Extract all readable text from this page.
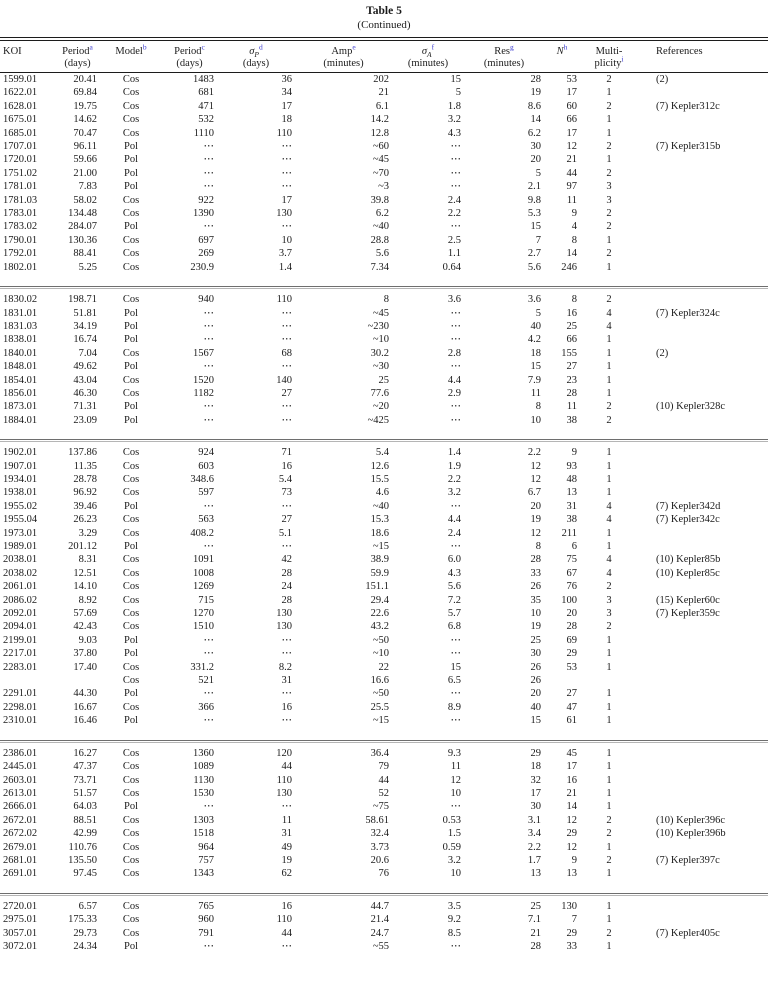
Table 5
(Continued)
KOI	Period$^a$
(days)	Model$^b$	Period$^c$
(days)	$\sigma_P^d$
(days)	Amp$^e$
(minutes)	$\sigma_A^f$
(minutes)	Res$^g$
(minutes)	N$^h$	Multi-
plicity$^i$	References
1599.01	20.41	Cos	1483	36	202	15	28	53	2	(2)
1622.01	69.84	Cos	681	34	21	5	19	17	1	
1628.01	19.75	Cos	471	17	6.1	1.8	8.6	60	2	(7) Kepler312c
1675.01	14.62	Cos	532	18	14.2	3.2	14	66	1	
1685.01	70.47	Cos	1110	110	12.8	4.3	6.2	17	1	
1707.01	96.11	Pol	⋯	⋯	~60	⋯	30	12	2	(7) Kepler315b
1720.01	59.66	Pol	⋯	⋯	~45	⋯	20	21	1	
1751.02	21.00	Pol	⋯	⋯	~70	⋯	5	44	2	
1781.01	7.83	Pol	⋯	⋯	~3	⋯	2.1	97	3	
1781.03	58.02	Cos	922	17	39.8	2.4	9.8	11	3	
1783.01	134.48	Cos	1390	130	6.2	2.2	5.3	9	2	
1783.02	284.07	Pol	⋯	⋯	~40	⋯	15	4	2	
1790.01	130.36	Cos	697	10	28.8	2.5	7	8	1	
1792.01	88.41	Cos	269	3.7	5.6	1.1	2.7	14	2	
1802.01	5.25	Cos	230.9	1.4	7.34	0.64	5.6	246	1	

1830.02	198.71	Cos	940	110	8	3.6	3.6	8	2	
1831.01	51.81	Pol	⋯	⋯	~45	⋯	5	16	4	(7) Kepler324c
1831.03	34.19	Pol	⋯	⋯	~230	⋯	40	25	4	
1838.01	16.74	Pol	⋯	⋯	~10	⋯	4.2	66	1	
1840.01	7.04	Cos	1567	68	30.2	2.8	18	155	1	(2)
1848.01	49.62	Pol	⋯	⋯	~30	⋯	15	27	1	
1854.01	43.04	Cos	1520	140	25	4.4	7.9	23	1	
1856.01	46.30	Cos	1182	27	77.6	2.9	11	28	1	
1873.01	71.31	Pol	⋯	⋯	~20	⋯	8	11	2	(10) Kepler328c
1884.01	23.09	Pol	⋯	⋯	~425	⋯	10	38	2	

1902.01	137.86	Cos	924	71	5.4	1.4	2.2	9	1	
1907.01	11.35	Cos	603	16	12.6	1.9	12	93	1	
1934.01	28.78	Cos	348.6	5.4	15.5	2.2	12	48	1	
1938.01	96.92	Cos	597	73	4.6	3.2	6.7	13	1	
1955.02	39.46	Pol	⋯	⋯	~40	⋯	20	31	4	(7) Kepler342d
1955.04	26.23	Cos	563	27	15.3	4.4	19	38	4	(7) Kepler342c
1973.01	3.29	Cos	408.2	5.1	18.6	2.4	12	211	1	
1989.01	201.12	Pol	⋯	⋯	~15	⋯	8	6	1	
2038.01	8.31	Cos	1091	42	38.9	6.0	28	75	4	(10) Kepler85b
2038.02	12.51	Cos	1008	28	59.9	4.3	33	67	4	(10) Kepler85c
2061.01	14.10	Cos	1269	24	151.1	5.6	26	76	2	
2086.02	8.92	Cos	715	28	29.4	7.2	35	100	3	(15) Kepler60c
2092.01	57.69	Cos	1270	130	22.6	5.7	10	20	3	(7) Kepler359c
2094.01	42.43	Cos	1510	130	43.2	6.8	19	28	2	
2199.01	9.03	Pol	⋯	⋯	~50	⋯	25	69	1	
2217.01	37.80	Pol	⋯	⋯	~10	⋯	30	29	1	
2283.01	17.40	Cos	331.2	8.2	22	15	26	53	1	
		Cos	521	31	16.6	6.5	26			
2291.01	44.30	Pol	⋯	⋯	~50	⋯	20	27	1	
2298.01	16.67	Cos	366	16	25.5	8.9	40	47	1	
2310.01	16.46	Pol	⋯	⋯	~15	⋯	15	61	1	

2386.01	16.27	Cos	1360	120	36.4	9.3	29	45	1	
2445.01	47.37	Cos	1089	44	79	11	18	17	1	
2603.01	73.71	Cos	1130	110	44	12	32	16	1	
2613.01	51.57	Cos	1530	130	52	10	17	21	1	
2666.01	64.03	Pol	⋯	⋯	~75	⋯	30	14	1	
2672.01	88.51	Cos	1303	11	58.61	0.53	3.1	12	2	(10) Kepler396c
2672.02	42.99	Cos	1518	31	32.4	1.5	3.4	29	2	(10) Kepler396b
2679.01	110.76	Cos	964	49	3.73	0.59	2.2	12	1	
2681.01	135.50	Cos	757	19	20.6	3.2	1.7	9	2	(7) Kepler397c
2691.01	97.45	Cos	1343	62	76	10	13	13	1	

2720.01	6.57	Cos	765	16	44.7	3.5	25	130	1	
2975.01	175.33	Cos	960	110	21.4	9.2	7.1	7	1	
3057.01	29.73	Cos	791	44	24.7	8.5	21	29	2	(7) Kepler405c
3072.01	24.34	Pol	⋯	⋯	~55	⋯	28	33	1	
